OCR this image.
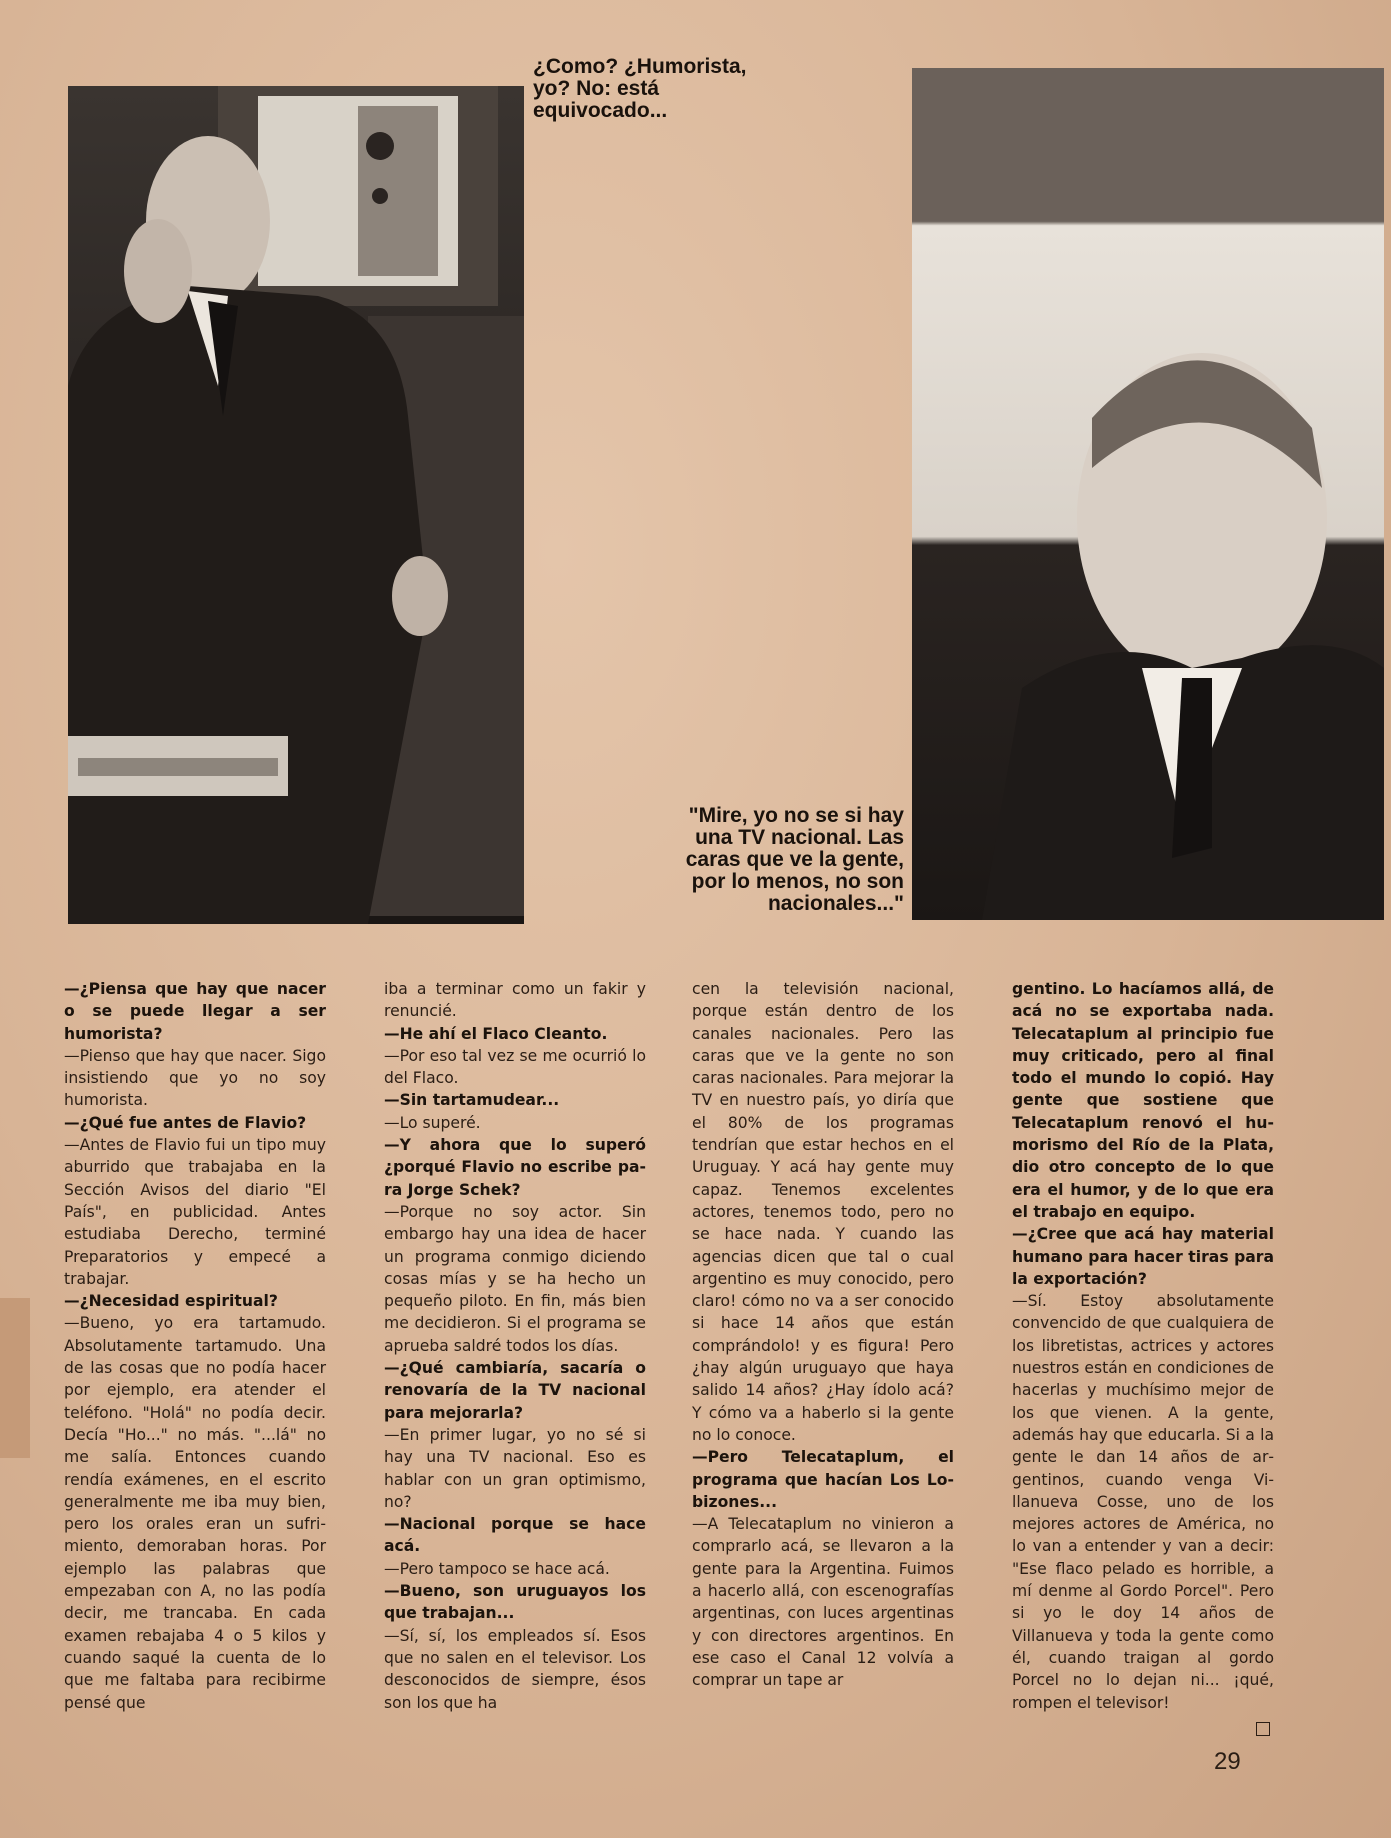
¿Como? ¿Humorista, yo? No: está equivocado...
"Mire, yo no se si hay una TV nacional. Las caras que ve la gente, por lo menos, no son nacionales..."

—¿Piensa que hay que nacer o se puede llegar a ser humorista?

—Pienso que hay que nacer. Sigo insistiendo que yo no soy humorista.

—¿Qué fue antes de Flavio?

—Antes de Flavio fui un tipo muy aburrido que trabajaba en la Sección Avisos del diario "El País", en publicidad. Antes estudiaba Derecho, terminé Preparatorios y empecé a trabajar.

—¿Necesidad espiritual?

—Bueno, yo era tartamudo. Absolutamente tartamudo. Una de las cosas que no podía hacer por ejemplo, era atender el teléfono. "Holá" no podía decir. Decía "Ho..." no más. "...lá" no me salía. Entonces cuando rendía exámenes, en el escrito generalmente me iba muy bien, pero los orales eran un sufrimiento, demoraban horas. Por ejemplo las palabras que empezaban con A, no las podía decir, me trancaba. En cada examen rebajaba 4 o 5 kilos y cuando saqué la cuenta de lo que me faltaba para recibirme pensé que

iba a terminar como un fakir y renuncié.

—He ahí el Flaco Cleanto.

—Por eso tal vez se me ocurrió lo del Flaco.

—Sin tartamudear...

—Lo superé.

—Y ahora que lo superó ¿porqué Flavio no escribe para Jorge Schek?

—Porque no soy actor. Sin embargo hay una idea de hacer un programa conmigo diciendo cosas mías y se ha hecho un pequeño piloto. En fin, más bien me decidieron. Si el programa se aprueba saldré todos los días.

—¿Qué cambiaría, sacaría o renovaría de la TV nacional para mejorarla?

—En primer lugar, yo no sé si hay una TV nacional. Eso es hablar con un gran optimismo, no?

—Nacional porque se hace acá.

—Pero tampoco se hace acá.

—Bueno, son uruguayos los que trabajan...

—Sí, sí, los empleados sí. Esos que no salen en el televisor. Los desconocidos de siempre, ésos son los que ha

cen la televisión nacional, porque están dentro de los canales nacionales. Pero las caras que ve la gente no son caras nacionales. Para mejorar la TV en nuestro país, yo diría que el 80% de los programas tendrían que estar hechos en el Uruguay. Y acá hay gente muy capaz. Tenemos excelentes actores, tenemos todo, pero no se hace nada. Y cuando las agencias dicen que tal o cual argentino es muy conocido, pero claro! cómo no va a ser conocido si hace 14 años que están comprándolo! y es figura! Pero ¿hay algún uruguayo que haya salido 14 años? ¿Hay ídolo acá? Y cómo va a haberlo si la gente no lo conoce.

—Pero Telecataplum, el programa que hacían Los Lobizones...

—A Telecataplum no vinieron a comprarlo acá, se llevaron a la gente para la Argentina. Fuimos a hacerlo allá, con escenografías argentinas, con luces argentinas y con directores argentinos. En ese caso el Canal 12 volvía a comprar un tape ar

gentino. Lo hacíamos allá, de acá no se exportaba nada. Telecataplum al principio fue muy criticado, pero al final todo el mundo lo copió. Hay gente que sostiene que Telecataplum renovó el humorismo del Río de la Plata, dio otro concepto de lo que era el humor, y de lo que era el trabajo en equipo.

—¿Cree que acá hay material humano para hacer tiras para la exportación?

—Sí. Estoy absolutamente convencido de que cualquiera de los libretistas, actrices y actores nuestros están en condiciones de hacerlas y muchísimo mejor de los que vienen. A la gente, además hay que educarla. Si a la gente le dan 14 años de argentinos, cuando venga Villanueva Cosse, uno de los mejores actores de América, no lo van a entender y van a decir: "Ese flaco pelado es horrible, a mí denme al Gordo Porcel". Pero si yo le doy 14 años de Villanueva y toda la gente como él, cuando traigan al gordo Porcel no lo dejan ni... ¡qué, rompen el televisor!

29
